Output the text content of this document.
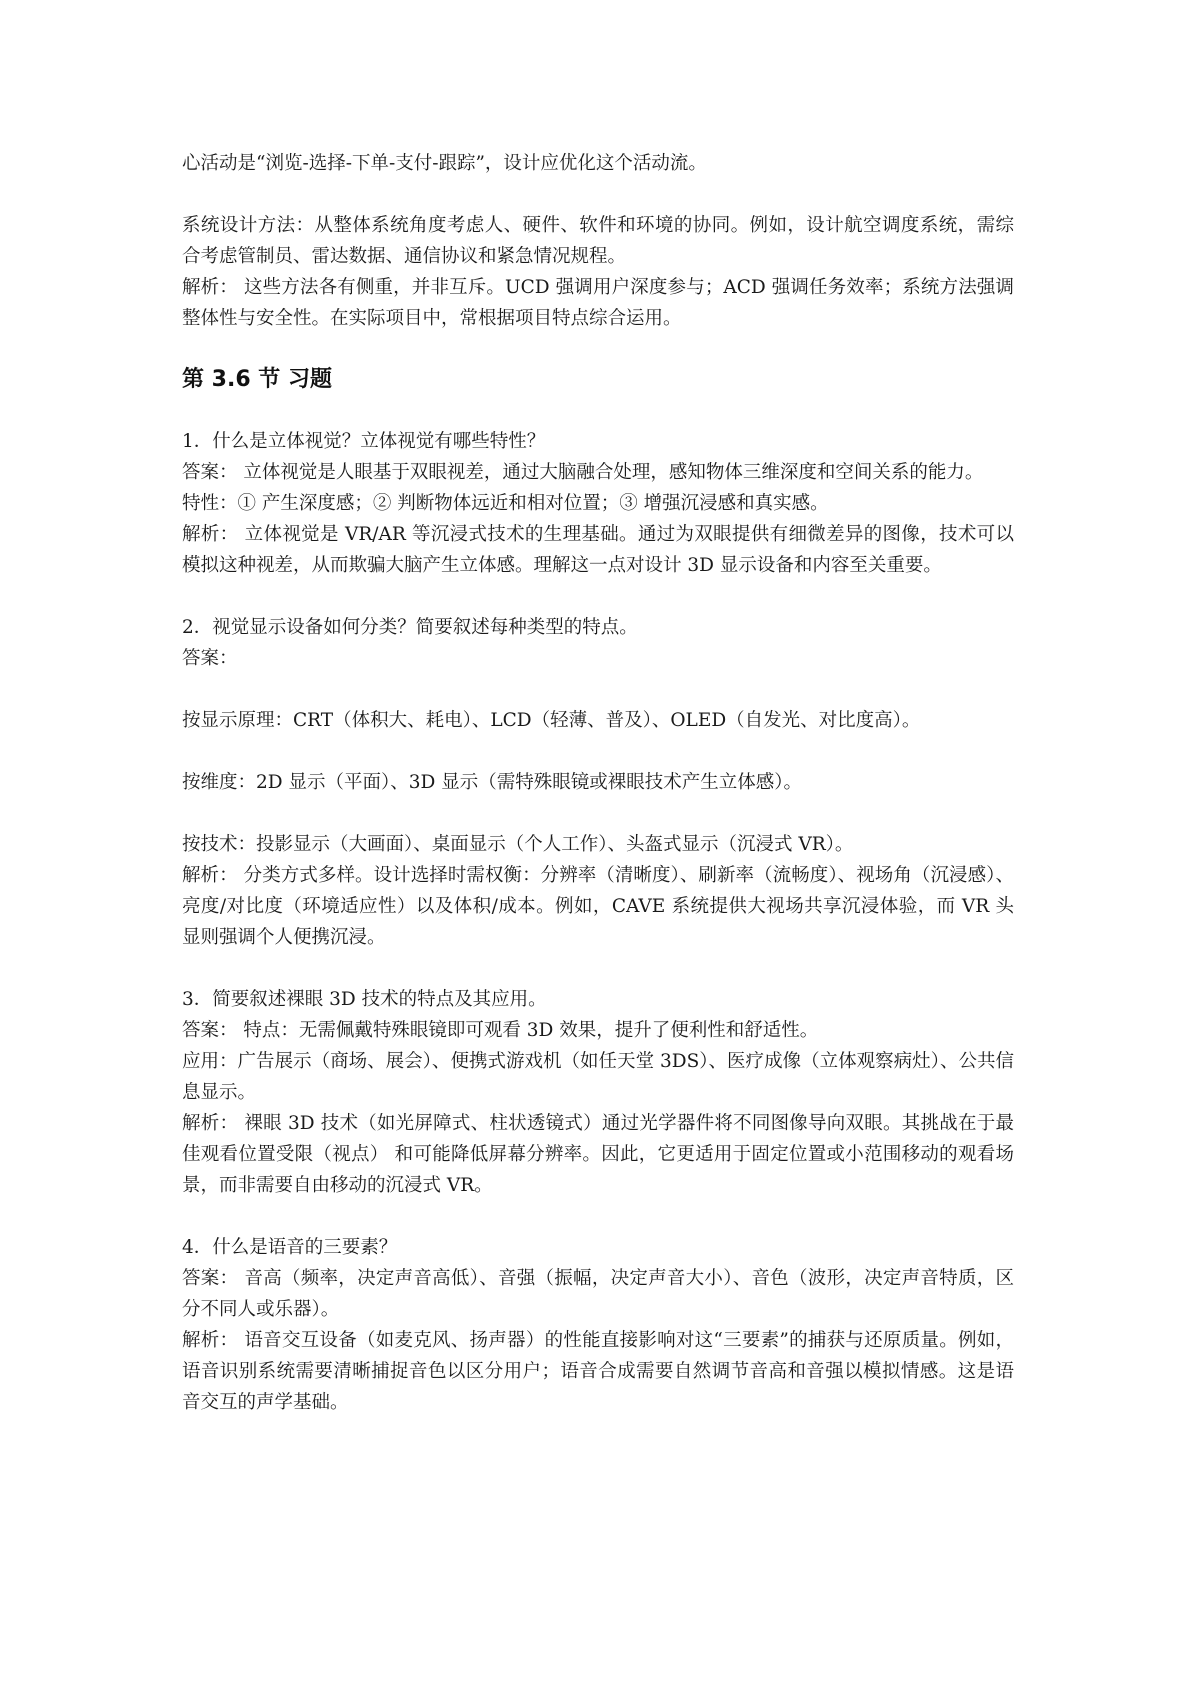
心活动是“浏览-选择-下单-支付-跟踪”，设计应优化这个活动流。

系统设计方法：从整体系统角度考虑人、硬件、软件和环境的协同。例如，设计航空调度系统，需综合考虑管制员、雷达数据、通信协议和紧急情况规程。

解析： 这些方法各有侧重，并非互斥。UCD 强调用户深度参与；ACD 强调任务效率；系统方法强调整体性与安全性。在实际项目中，常根据项目特点综合运用。

第 3.6 节 习题

1．什么是立体视觉？立体视觉有哪些特性？

答案： 立体视觉是人眼基于双眼视差，通过大脑融合处理，感知物体三维深度和空间关系的能力。

特性：① 产生深度感；② 判断物体远近和相对位置；③ 增强沉浸感和真实感。

解析： 立体视觉是 VR/AR 等沉浸式技术的生理基础。通过为双眼提供有细微差异的图像，技术可以模拟这种视差，从而欺骗大脑产生立体感。理解这一点对设计 3D 显示设备和内容至关重要。

2．视觉显示设备如何分类？简要叙述每种类型的特点。

答案：

按显示原理：CRT（体积大、耗电）、LCD（轻薄、普及）、OLED（自发光、对比度高）。

按维度：2D 显示（平面）、3D 显示（需特殊眼镜或裸眼技术产生立体感）。

按技术：投影显示（大画面）、桌面显示（个人工作）、头盔式显示（沉浸式 VR）。

解析： 分类方式多样。设计选择时需权衡：分辨率（清晰度）、刷新率（流畅度）、视场角（沉浸感）、亮度/对比度（环境适应性）以及体积/成本。例如，CAVE 系统提供大视场共享沉浸体验，而 VR 头显则强调个人便携沉浸。

3．简要叙述裸眼 3D 技术的特点及其应用。

答案： 特点：无需佩戴特殊眼镜即可观看 3D 效果，提升了便利性和舒适性。

应用：广告展示（商场、展会）、便携式游戏机（如任天堂 3DS）、医疗成像（立体观察病灶）、公共信息显示。

解析： 裸眼 3D 技术（如光屏障式、柱状透镜式）通过光学器件将不同图像导向双眼。其挑战在于最佳观看位置受限（视点） 和可能降低屏幕分辨率。因此，它更适用于固定位置或小范围移动的观看场景，而非需要自由移动的沉浸式 VR。

4．什么是语音的三要素？

答案： 音高（频率，决定声音高低）、音强（振幅，决定声音大小）、音色（波形，决定声音特质，区分不同人或乐器）。

解析： 语音交互设备（如麦克风、扬声器）的性能直接影响对这“三要素”的捕获与还原质量。例如，语音识别系统需要清晰捕捉音色以区分用户；语音合成需要自然调节音高和音强以模拟情感。这是语音交互的声学基础。
